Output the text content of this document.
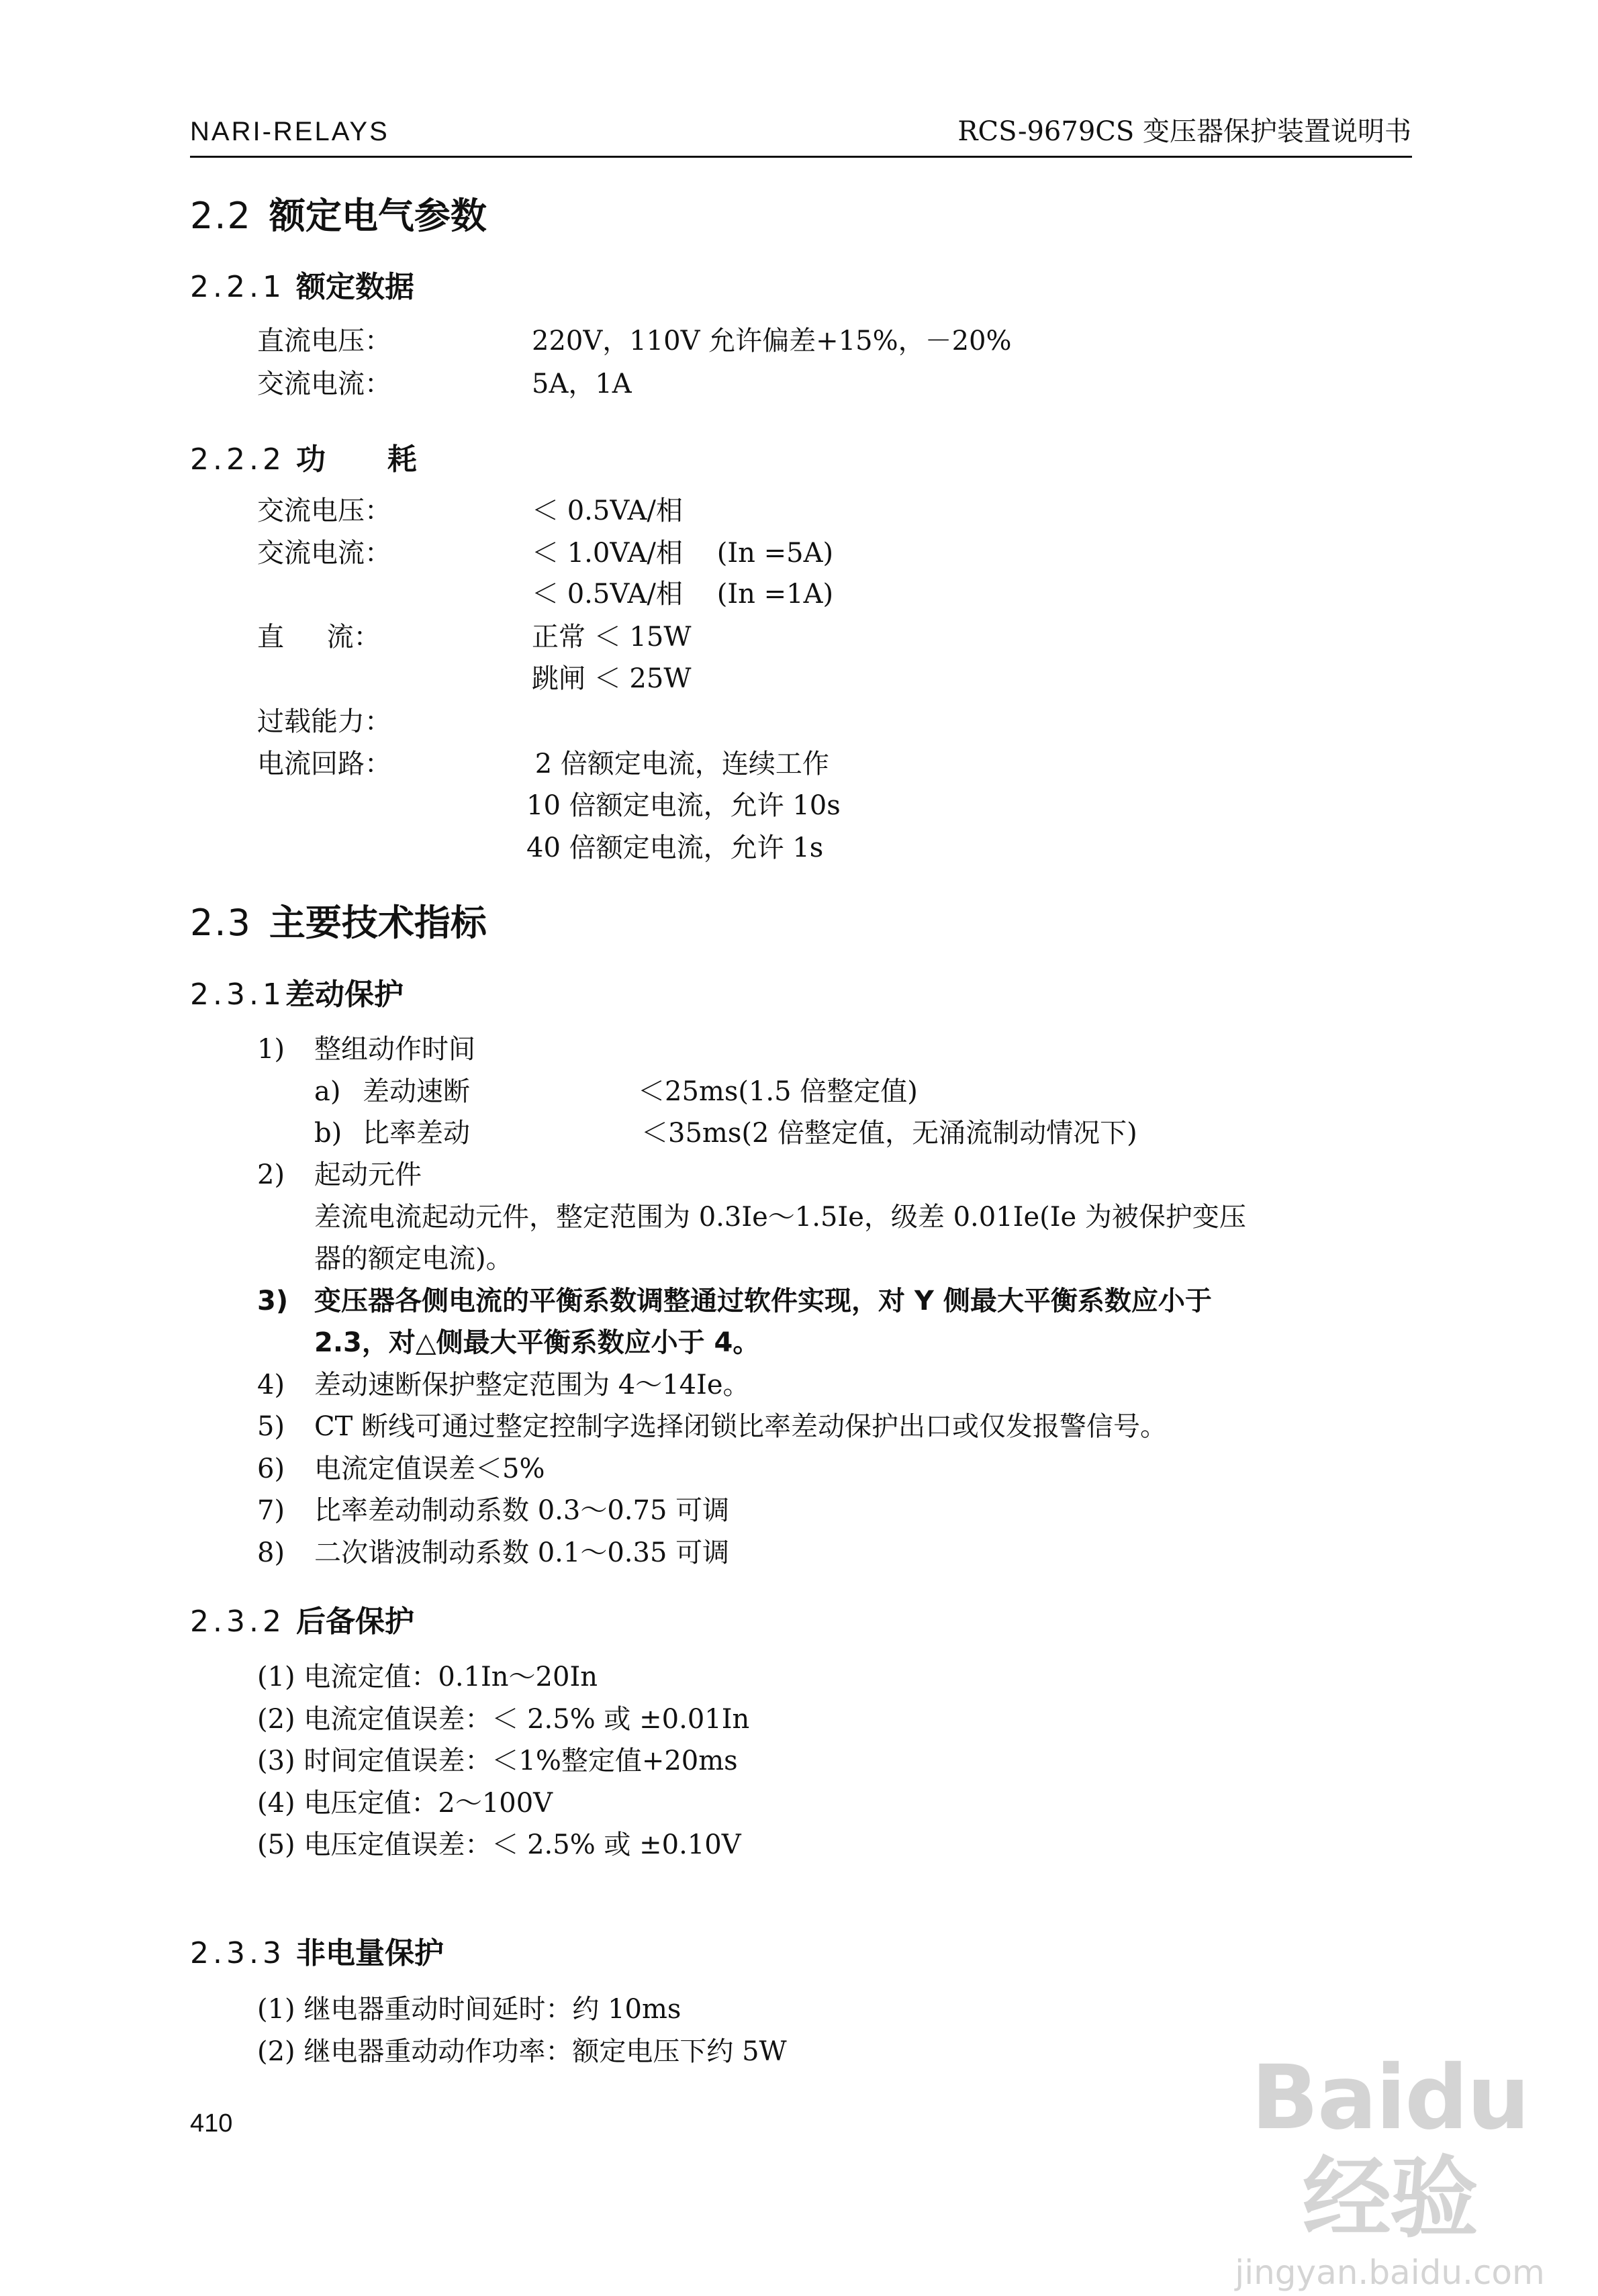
NARI-RELAYS	RCS-9679CS 变压器保护装置说明书
2.2 额定电气参数
2.2.1 额定数据
直流电压：	220V，110V 允许偏差+15%，－20%
交流电流：	5A，1A
2.2.2 功      耗
交流电压：	＜ 0.5VA/相
交流电流：	＜ 1.0VA/相    (In =5A)
＜ 0.5VA/相    (In =1A)
直     流：	正常 ＜ 15W
跳闸 ＜ 25W
过载能力：
电流回路：	2 倍额定电流，连续工作
10 倍额定电流，允许 10s
40 倍额定电流，允许 1s
2.3 主要技术指标
2.3.1差动保护
1) 整组动作时间
a) 差动速断	＜25ms(1.5 倍整定值)
b) 比率差动	＜35ms(2 倍整定值，无涌流制动情况下)
2) 起动元件
差流电流起动元件，整定范围为 0.3Ie～1.5Ie，级差 0.01Ie(Ie 为被保护变压
器的额定电流)。
3) 变压器各侧电流的平衡系数调整通过软件实现，对 Y 侧最大平衡系数应小于
2.3，对△侧最大平衡系数应小于 4。
4) 差动速断保护整定范围为 4～14Ie。
5) CT 断线可通过整定控制字选择闭锁比率差动保护出口或仅发报警信号。
6) 电流定值误差＜5%
7) 比率差动制动系数 0.3～0.75 可调
8) 二次谐波制动系数 0.1～0.35 可调
2.3.2 后备保护
(1) 电流定值：0.1In～20In
(2) 电流定值误差：＜ 2.5% 或 ±0.01In
(3) 时间定值误差：＜1%整定值+20ms
(4) 电压定值：2～100V
(5) 电压定值误差：＜ 2.5% 或 ±0.10V
2.3.3 非电量保护
(1) 继电器重动时间延时：约 10ms
(2) 继电器重动动作功率：额定电压下约 5W
410	Baidu经验
jingyan.baidu.com
